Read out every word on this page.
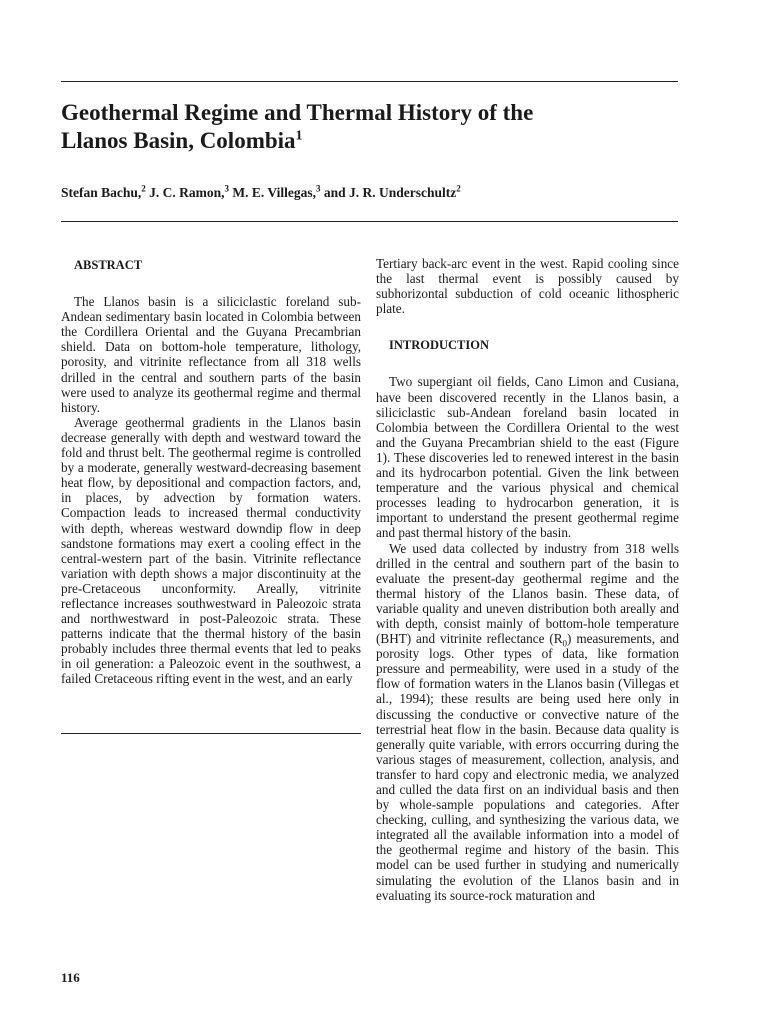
Geothermal Regime and Thermal History of the
Llanos Basin, Colombia$^1$

Stefan Bachu,$^2$ J. C. Ramon,$^3$ M. E. Villegas,$^3$ and J. R. Underschultz$^2$

ABSTRACT

The Llanos basin is a siliciclastic foreland sub-Andean sedimentary basin located in Colombia between the Cordillera Oriental and the Guyana Precambrian shield. Data on bottom-hole temperature, lithology, porosity, and vitrinite reflectance from all 318 wells drilled in the central and southern parts of the basin were used to analyze its geothermal regime and thermal history.

Average geothermal gradients in the Llanos basin decrease generally with depth and westward toward the fold and thrust belt. The geothermal regime is controlled by a moderate, generally westward-decreasing basement heat flow, by depositional and compaction factors, and, in places, by advection by formation waters. Compaction leads to increased thermal conductivity with depth, whereas westward downdip flow in deep sandstone formations may exert a cooling effect in the central-western part of the basin. Vitrinite reflectance variation with depth shows a major discontinuity at the pre-Cretaceous unconformity. Areally, vitrinite reflectance increases southwestward in Paleozoic strata and northwestward in post-Paleozoic strata. These patterns indicate that the thermal history of the basin probably includes three thermal events that led to peaks in oil generation: a Paleozoic event in the southwest, a failed Cretaceous rifting event in the west, and an early

Tertiary back-arc event in the west. Rapid cooling since the last thermal event is possibly caused by subhorizontal subduction of cold oceanic lithospheric plate.

INTRODUCTION

Two supergiant oil fields, Cano Limon and Cusiana, have been discovered recently in the Llanos basin, a siliciclastic sub-Andean foreland basin located in Colombia between the Cordillera Oriental to the west and the Guyana Precambrian shield to the east (Figure 1). These discoveries led to renewed interest in the basin and its hydrocarbon potential. Given the link between temperature and the various physical and chemical processes leading to hydrocarbon generation, it is important to understand the present geothermal regime and past thermal history of the basin.

We used data collected by industry from 318 wells drilled in the central and southern part of the basin to evaluate the present-day geothermal regime and the thermal history of the Llanos basin. These data, of variable quality and uneven distribution both areally and with depth, consist mainly of bottom-hole temperature (BHT) and vitrinite reflectance $(R_0)$ measurements, and porosity logs. Other types of data, like formation pressure and permeability, were used in a study of the flow of formation waters in the Llanos basin (Villegas et al., 1994); these results are being used here only in discussing the conductive or convective nature of the terrestrial heat flow in the basin. Because data quality is generally quite variable, with errors occurring during the various stages of measurement, collection, analysis, and transfer to hard copy and electronic media, we analyzed and culled the data first on an individual basis and then by whole-sample populations and categories. After checking, culling, and synthesizing the various data, we integrated all the available information into a model of the geothermal regime and history of the basin. This model can be used further in studying and numerically simulating the evolution of the Llanos basin and in evaluating its source-rock maturation and

116
